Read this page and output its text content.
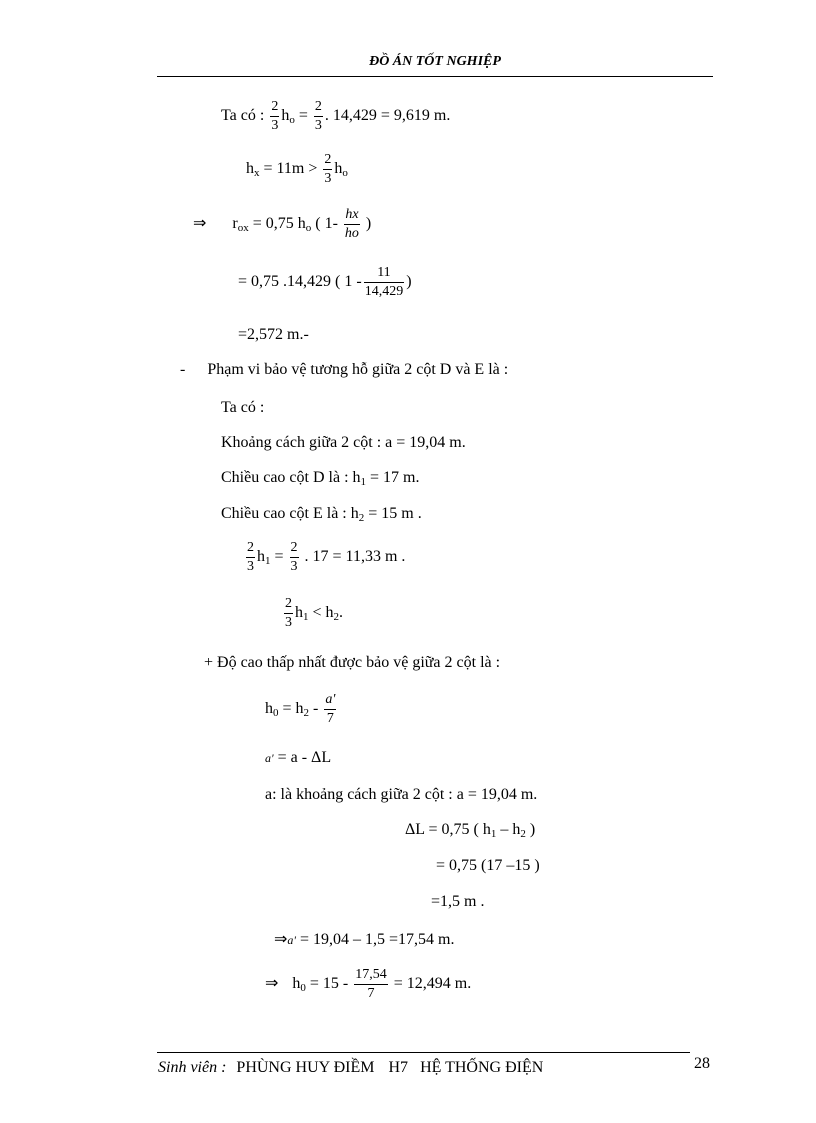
ĐỒ ÁN TỐT NGHIỆP
Ta có : $\frac{2}{3} h_o = \frac{2}{3}$ . 14,429 = 9,619 m.
$h_x = 11m > \frac{2}{3} h_o$
⇒ $r_{ox} = 0,75$ $h_o$ ( $1- \frac{hx}{ho}$ )
= 0,75 .14,429 ( $1 - \frac{11}{14,429}$ )
=2,572 m.-
- Phạm vi bảo vệ tương hỗ giữa 2 cột D và E là :
Ta có :
Khoảng cách giữa 2 cột : a = 19,04 m.
Chiều cao cột D là : $h_1 = 17$ m.
Chiều cao cột E là : $h_2 = 15$ m .
$\frac{2}{3} h_1 = \frac{2}{3}$ . 17 = 11,33 m .
$\frac{2}{3} h_1 < h_2$.
+ Độ cao thấp nhất được bảo vệ giữa 2 cột là :
$h_0 = h_2 - \frac{a'}{7}$
a' = a - ΔL
a: là khoảng cách giữa 2 cột : a = 19,04 m.
ΔL = 0,75 ( $h_1 - h_2$ )
= 0,75 (17 –15 )
=1,5 m .
⇒a' = 19,04 – 1,5 =17,54 m.
⇒ $h_0 = 15 - \frac{17,54}{7} = 12,494$ m.
Sinh viên : PHÙNG HUY ĐIỀM H7 HỆ THỐNG ĐIỆN	28
